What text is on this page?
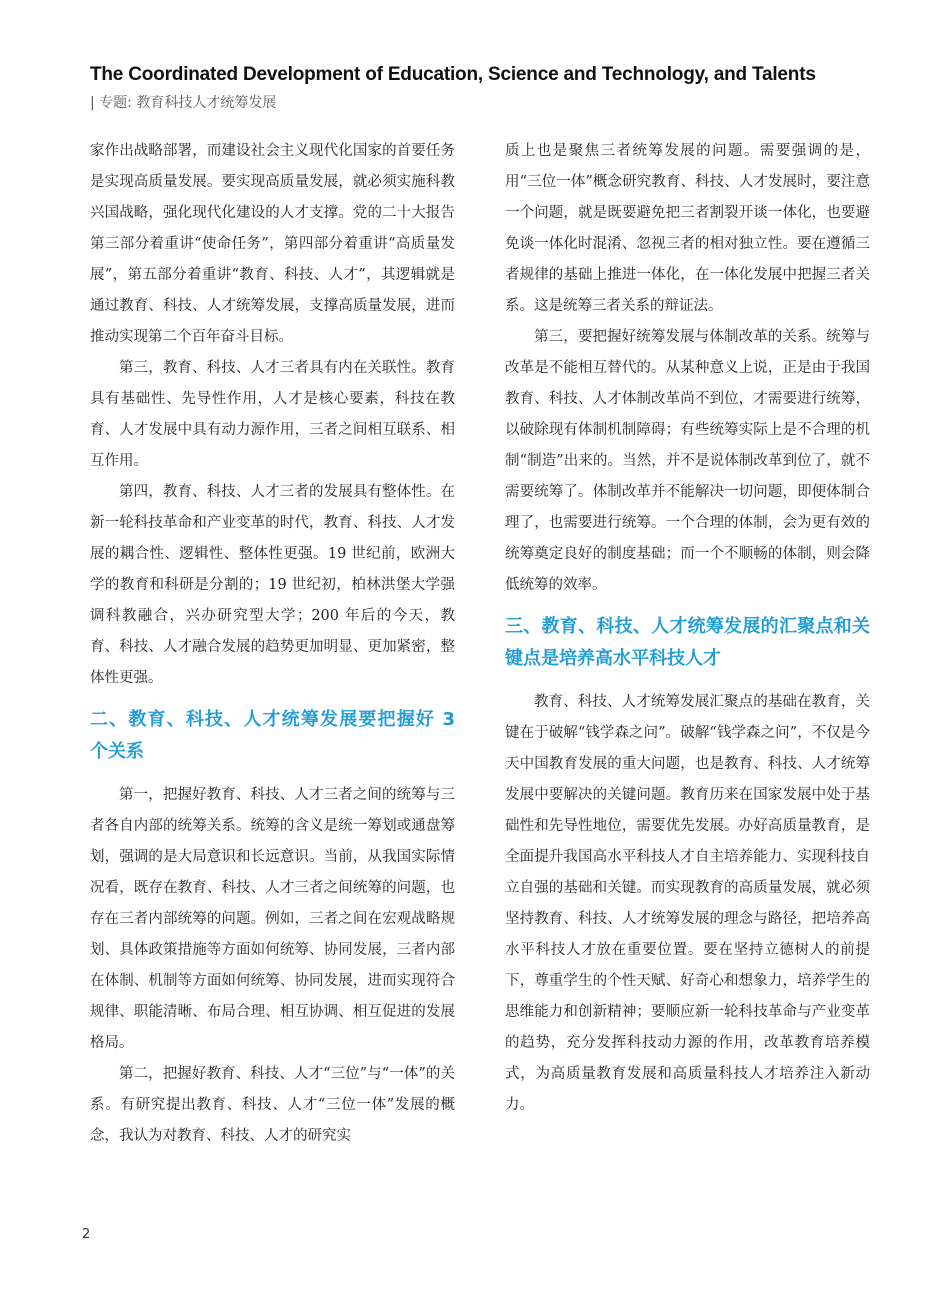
The Coordinated Development of Education, Science and Technology, and Talents
| 专题: 教育科技人才统筹发展

家作出战略部署，而建设社会主义现代化国家的首要任务是实现高质量发展。要实现高质量发展，就必须实施科教兴国战略，强化现代化建设的人才支撑。党的二十大报告第三部分着重讲“使命任务”，第四部分着重讲“高质量发展”，第五部分着重讲“教育、科技、人才”，其逻辑就是通过教育、科技、人才统筹发展，支撑高质量发展，进而推动实现第二个百年奋斗目标。

第三，教育、科技、人才三者具有内在关联性。教育具有基础性、先导性作用，人才是核心要素，科技在教育、人才发展中具有动力源作用，三者之间相互联系、相互作用。

第四，教育、科技、人才三者的发展具有整体性。在新一轮科技革命和产业变革的时代，教育、科技、人才发展的耦合性、逻辑性、整体性更强。19 世纪前，欧洲大学的教育和科研是分割的；19 世纪初，柏林洪堡大学强调科教融合，兴办研究型大学；200 年后的今天，教育、科技、人才融合发展的趋势更加明显、更加紧密，整体性更强。

二、教育、科技、人才统筹发展要把握好 3 个关系

第一，把握好教育、科技、人才三者之间的统筹与三者各自内部的统筹关系。统筹的含义是统一筹划或通盘筹划，强调的是大局意识和长远意识。当前，从我国实际情况看，既存在教育、科技、人才三者之间统筹的问题，也存在三者内部统筹的问题。例如，三者之间在宏观战略规划、具体政策措施等方面如何统筹、协同发展，三者内部在体制、机制等方面如何统筹、协同发展，进而实现符合规律、职能清晰、布局合理、相互协调、相互促进的发展格局。

第二，把握好教育、科技、人才“三位”与“一体”的关系。有研究提出教育、科技、人才“三位一体”发展的概念，我认为对教育、科技、人才的研究实

质上也是聚焦三者统筹发展的问题。需要强调的是，用“三位一体”概念研究教育、科技、人才发展时，要注意一个问题，就是既要避免把三者割裂开谈一体化，也要避免谈一体化时混淆、忽视三者的相对独立性。要在遵循三者规律的基础上推进一体化，在一体化发展中把握三者关系。这是统筹三者关系的辩证法。

第三，要把握好统筹发展与体制改革的关系。统筹与改革是不能相互替代的。从某种意义上说，正是由于我国教育、科技、人才体制改革尚不到位，才需要进行统筹，以破除现有体制机制障碍；有些统筹实际上是不合理的机制“制造”出来的。当然，并不是说体制改革到位了，就不需要统筹了。体制改革并不能解决一切问题，即便体制合理了，也需要进行统筹。一个合理的体制，会为更有效的统筹奠定良好的制度基础；而一个不顺畅的体制，则会降低统筹的效率。

三、教育、科技、人才统筹发展的汇聚点和关键点是培养高水平科技人才

教育、科技、人才统筹发展汇聚点的基础在教育，关键在于破解“钱学森之问”。破解“钱学森之问”，不仅是今天中国教育发展的重大问题，也是教育、科技、人才统筹发展中要解决的关键问题。教育历来在国家发展中处于基础性和先导性地位，需要优先发展。办好高质量教育，是全面提升我国高水平科技人才自主培养能力、实现科技自立自强的基础和关键。而实现教育的高质量发展，就必须坚持教育、科技、人才统筹发展的理念与路径，把培养高水平科技人才放在重要位置。要在坚持立德树人的前提下，尊重学生的个性天赋、好奇心和想象力，培养学生的思维能力和创新精神；要顺应新一轮科技革命与产业变革的趋势，充分发挥科技动力源的作用，改革教育培养模式，为高质量教育发展和高质量科技人才培养注入新动力。

2
